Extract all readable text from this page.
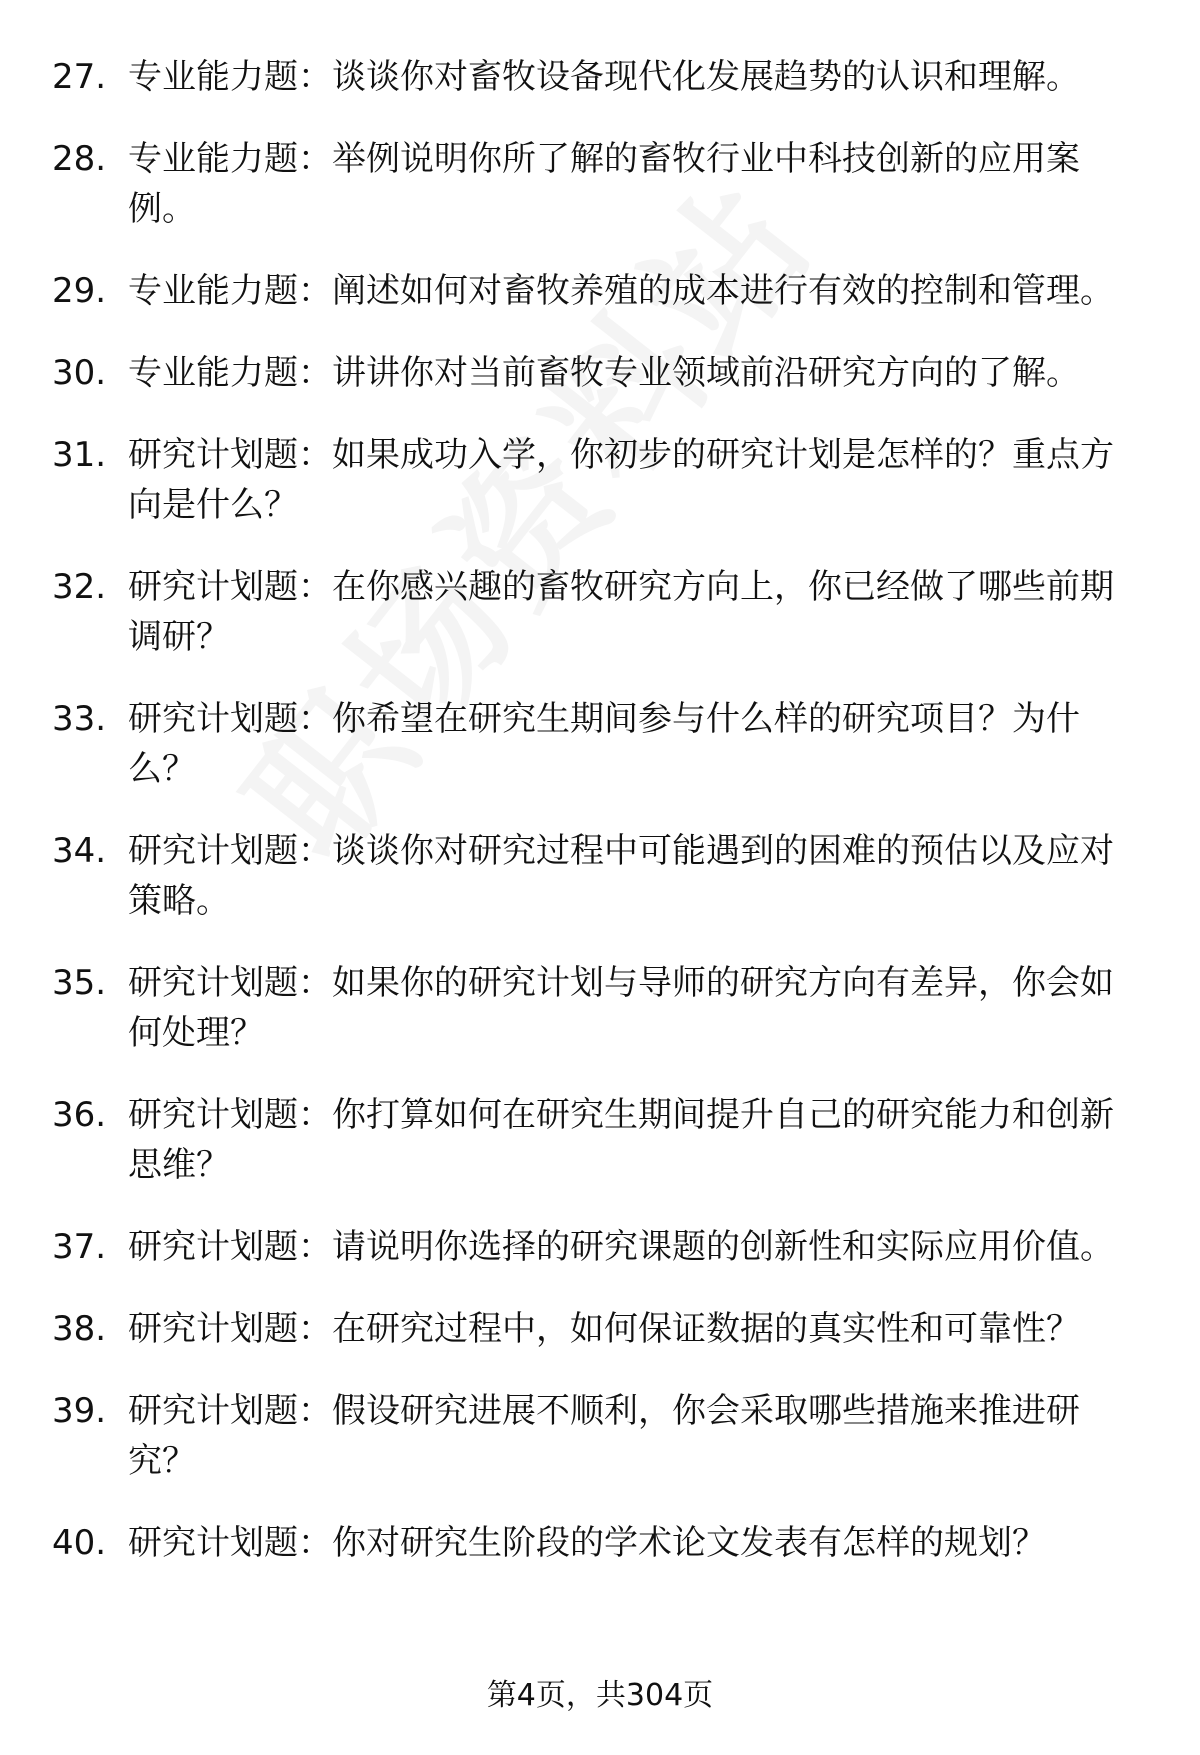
27. 专业能力题：谈谈你对畜牧设备现代化发展趋势的认识和理解。
28. 专业能力题：举例说明你所了解的畜牧行业中科技创新的应用案例。
29. 专业能力题：阐述如何对畜牧养殖的成本进行有效的控制和管理。
30. 专业能力题：讲讲你对当前畜牧专业领域前沿研究方向的了解。
31. 研究计划题：如果成功入学，你初步的研究计划是怎样的？重点方向是什么？
32. 研究计划题：在你感兴趣的畜牧研究方向上，你已经做了哪些前期调研？
33. 研究计划题：你希望在研究生期间参与什么样的研究项目？为什么？
34. 研究计划题：谈谈你对研究过程中可能遇到的困难的预估以及应对策略。
35. 研究计划题：如果你的研究计划与导师的研究方向有差异，你会如何处理？
36. 研究计划题：你打算如何在研究生期间提升自己的研究能力和创新思维？
37. 研究计划题：请说明你选择的研究课题的创新性和实际应用价值。
38. 研究计划题：在研究过程中，如何保证数据的真实性和可靠性？
39. 研究计划题：假设研究进展不顺利，你会采取哪些措施来推进研究？
40. 研究计划题：你对研究生阶段的学术论文发表有怎样的规划？
第4页，共304页
